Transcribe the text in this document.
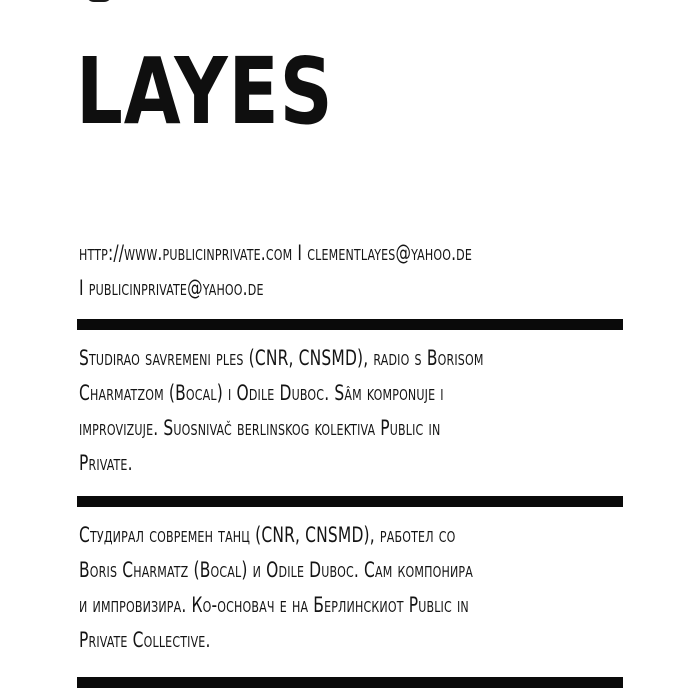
LAYES

http://www.publicinprivate.com I clementlayes@yahoo.de

I publicinprivate@yahoo.de

Studirao savremeni ples (CNR, CNSMD), radio s Borisom

Charmatzom (Bocal) i Odile Duboc. Sâm komponuje i

improvizuje. Suosnivač berlinskog kolektiva Public in

Private.

Студирал современ танц (CNR, CNSMD), работел со

Boris Charmatz (Bocal) и Odile Duboc. Сам компонира

и импровизира. Ко-основач е на Берлинскиот Public in

Private Collective.
